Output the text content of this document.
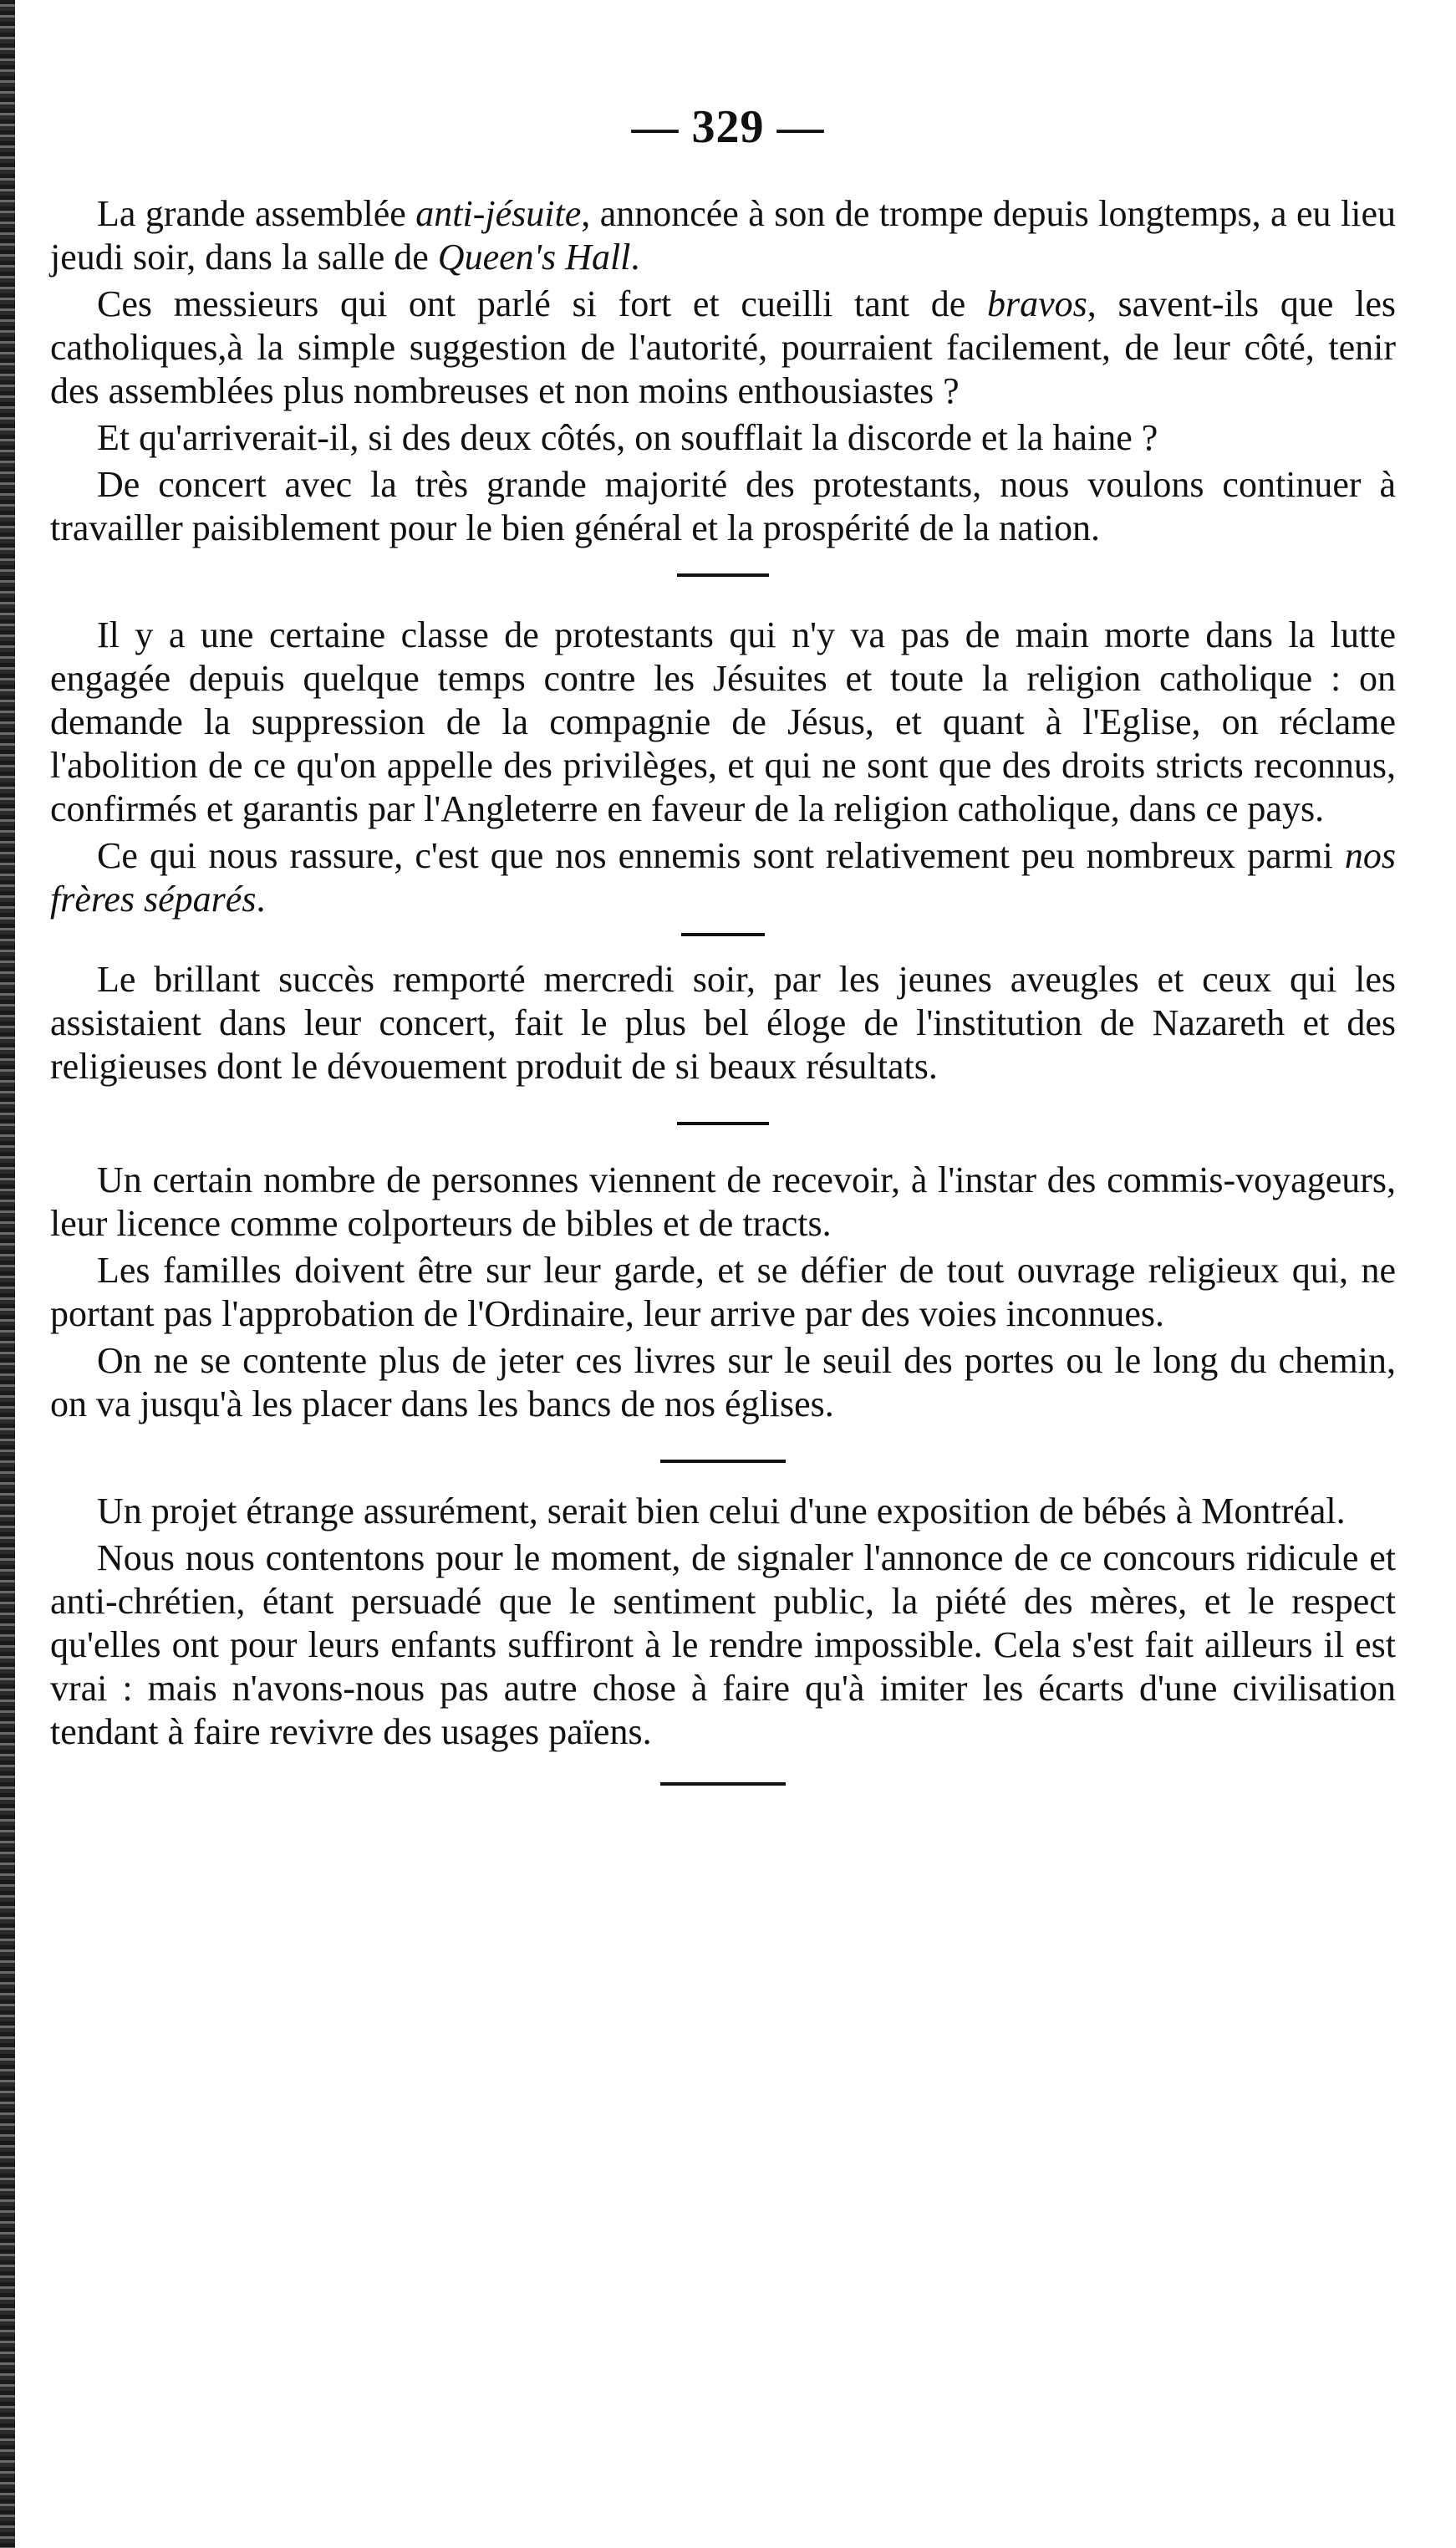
— 329 —

La grande assemblée anti-jésuite, annoncée à son de trompe depuis longtemps, a eu lieu jeudi soir, dans la salle de Queen's Hall.

Ces messieurs qui ont parlé si fort et cueilli tant de bravos, savent-ils que les catholiques,à la simple suggestion de l'autorité, pourraient facilement, de leur côté, tenir des assemblées plus nombreuses et non moins enthousiastes ?

Et qu'arriverait-il, si des deux côtés, on soufflait la discorde et la haine ?

De concert avec la très grande majorité des protestants, nous voulons continuer à travailler paisiblement pour le bien général et la prospérité de la nation.

Il y a une certaine classe de protestants qui n'y va pas de main morte dans la lutte engagée depuis quelque temps contre les Jésuites et toute la religion catholique : on demande la suppression de la compagnie de Jésus, et quant à l'Eglise, on réclame l'abolition de ce qu'on appelle des privilèges, et qui ne sont que des droits stricts reconnus, confirmés et garantis par l'Angleterre en faveur de la religion catholique, dans ce pays.

Ce qui nous rassure, c'est que nos ennemis sont relativement peu nombreux parmi nos frères séparés.

Le brillant succès remporté mercredi soir, par les jeunes aveugles et ceux qui les assistaient dans leur concert, fait le plus bel éloge de l'institution de Nazareth et des religieuses dont le dévouement produit de si beaux résultats.

Un certain nombre de personnes viennent de recevoir, à l'instar des commis-voyageurs, leur licence comme colporteurs de bibles et de tracts.

Les familles doivent être sur leur garde, et se défier de tout ouvrage religieux qui, ne portant pas l'approbation de l'Ordinaire, leur arrive par des voies inconnues.

On ne se contente plus de jeter ces livres sur le seuil des portes ou le long du chemin, on va jusqu'à les placer dans les bancs de nos églises.

Un projet étrange assurément, serait bien celui d'une exposition de bébés à Montréal.

Nous nous contentons pour le moment, de signaler l'annonce de ce concours ridicule et anti-chrétien, étant persuadé que le sentiment public, la piété des mères, et le respect qu'elles ont pour leurs enfants suffiront à le rendre impossible. Cela s'est fait ailleurs il est vrai : mais n'avons-nous pas autre chose à faire qu'à imiter les écarts d'une civilisation tendant à faire revivre des usages païens.
